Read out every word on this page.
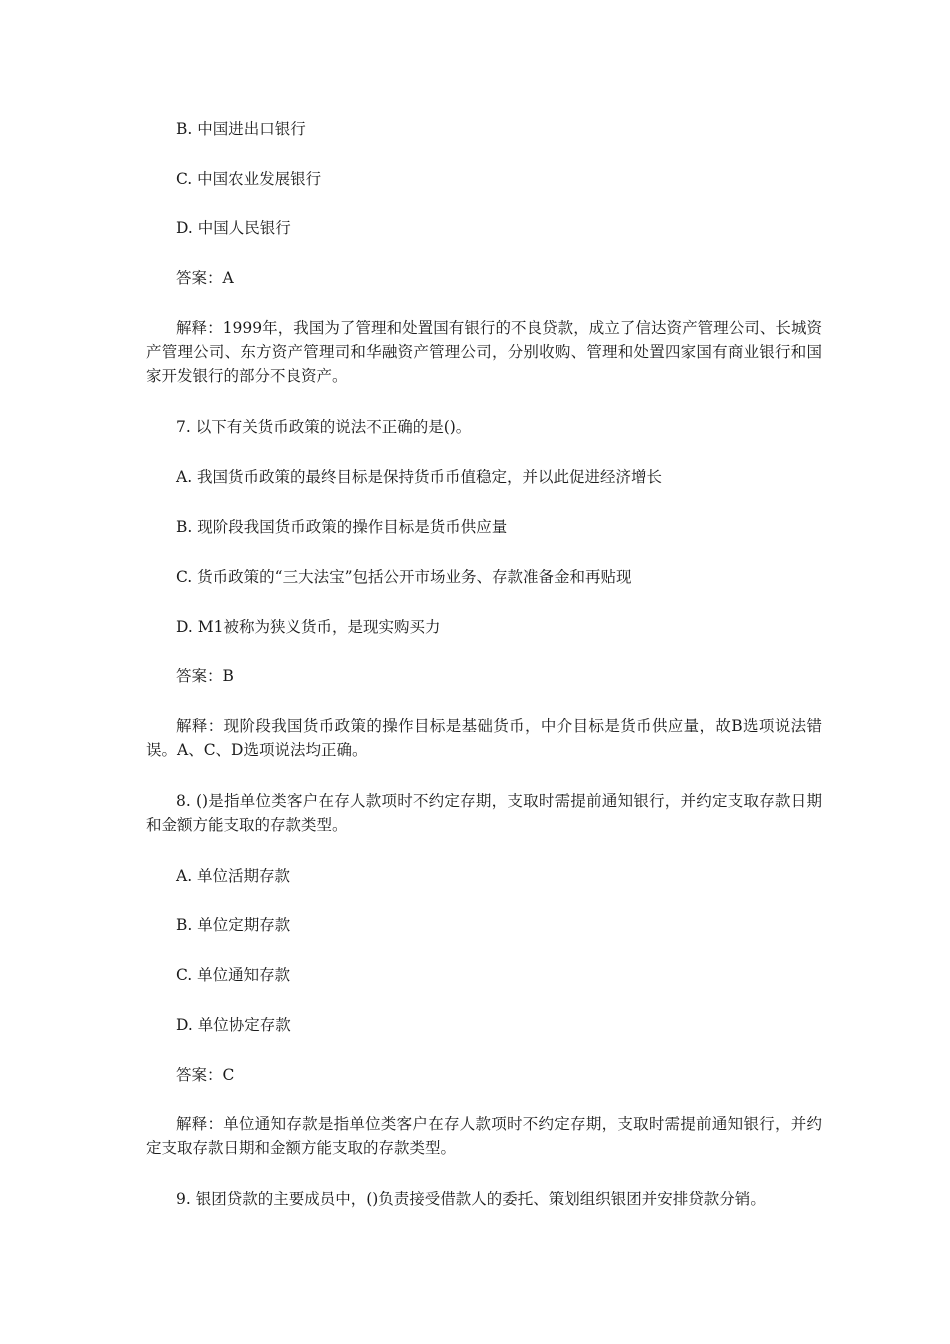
B. 中国进出口银行

C. 中国农业发展银行

D. 中国人民银行

答案：A

解释：1999年，我国为了管理和处置国有银行的不良贷款，成立了信达资产管理公司、长城资产管理公司、东方资产管理司和华融资产管理公司，分别收购、管理和处置四家国有商业银行和国家开发银行的部分不良资产。

7. 以下有关货币政策的说法不正确的是()。

A. 我国货币政策的最终目标是保持货币币值稳定，并以此促进经济增长

B. 现阶段我国货币政策的操作目标是货币供应量

C. 货币政策的“三大法宝”包括公开市场业务、存款准备金和再贴现

D. M1被称为狭义货币，是现实购买力

答案：B

解释：现阶段我国货币政策的操作目标是基础货币，中介目标是货币供应量，故B选项说法错误。A、C、D选项说法均正确。

8. ()是指单位类客户在存人款项时不约定存期，支取时需提前通知银行，并约定支取存款日期和金额方能支取的存款类型。

A. 单位活期存款

B. 单位定期存款

C. 单位通知存款

D. 单位协定存款

答案：C

解释：单位通知存款是指单位类客户在存人款项时不约定存期，支取时需提前通知银行，并约定支取存款日期和金额方能支取的存款类型。

9. 银团贷款的主要成员中，()负责接受借款人的委托、策划组织银团并安排贷款分销。
